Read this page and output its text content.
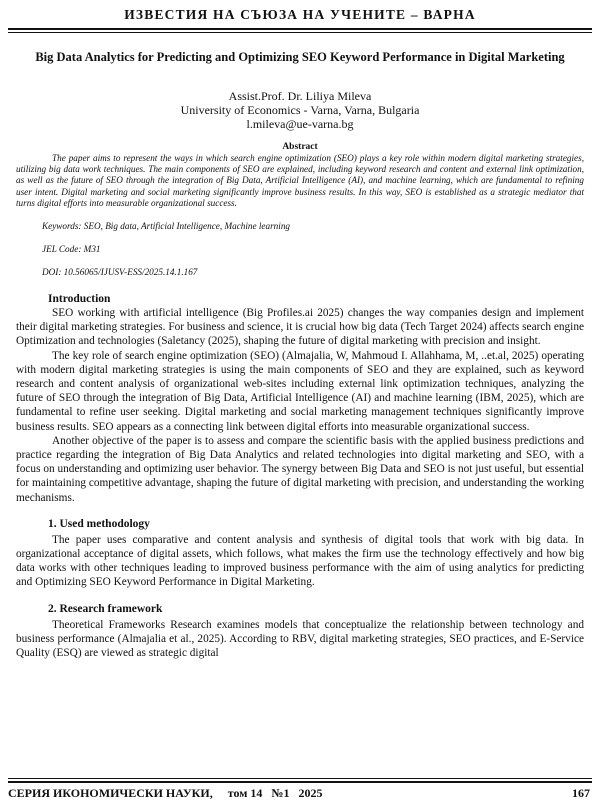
ИЗВЕСТИЯ НА СЪЮЗА НА УЧЕНИТЕ – ВАРНА
Big Data Analytics for Predicting and Optimizing SEO Keyword Performance in Digital Marketing
Assist.Prof. Dr. Liliya Mileva
University of Economics - Varna, Varna, Bulgaria
l.mileva@ue-varna.bg
Abstract

The paper aims to represent the ways in which search engine optimization (SEO) plays a key role within modern digital marketing strategies, utilizing big data work techniques. The main components of SEO are explained, including keyword research and content and external link optimization, as well as the future of SEO through the integration of Big Data, Artificial Intelligence (AI), and machine learning, which are fundamental to refining user intent. Digital marketing and social marketing significantly improve business results. In this way, SEO is established as a strategic mediator that turns digital efforts into measurable organizational success.

Keywords: SEO, Big data, Artificial Intelligence, Machine learning
JEL Code: M31
DOI: 10.56065/IJUSV-ESS/2025.14.1.167
Introduction

SEO working with artificial intelligence (Big Profiles.ai 2025) changes the way companies design and implement their digital marketing strategies. For business and science, it is crucial how big data (Tech Target 2024) affects search engine Optimization and technologies (Saletancy (2025), shaping the future of digital marketing with precision and insight.

The key role of search engine optimization (SEO) (Almajalia, W, Mahmoud I. Allahhama, M, ..et.al, 2025) operating with modern digital marketing strategies is using the main components of SEO and they are explained, such as keyword research and content analysis of organizational web-sites including external link optimization techniques, analyzing the future of SEO through the integration of Big Data, Artificial Intelligence (AI) and machine learning (IBM, 2025), which are fundamental to refine user seeking. Digital marketing and social marketing management techniques significantly improve business results. SEO appears as a connecting link between digital efforts into measurable organizational success.

Another objective of the paper is to assess and compare the scientific basis with the applied business predictions and practice regarding the integration of Big Data Analytics and related technologies into digital marketing and SEO, with a focus on understanding and optimizing user behavior. The synergy between Big Data and SEO is not just useful, but essential for maintaining competitive advantage, shaping the future of digital marketing with precision, and understanding the working mechanisms.

1. Used methodology

The paper uses comparative and content analysis and synthesis of digital tools that work with big data. In organizational acceptance of digital assets, which follows, what makes the firm use the technology effectively and how big data works with other techniques leading to improved business performance with the aim of using analytics for predicting and Optimizing SEO Keyword Performance in Digital Marketing.

2. Research framework

Theoretical Frameworks Research examines models that conceptualize the relationship between technology and business performance (Almajalia et al., 2025). According to RBV, digital marketing strategies, SEO practices, and E-Service Quality (ESQ) are viewed as strategic digital

СЕРИЯ ИКОНОМИЧЕСКИ НАУКИ, том 14 №1 2025	167
